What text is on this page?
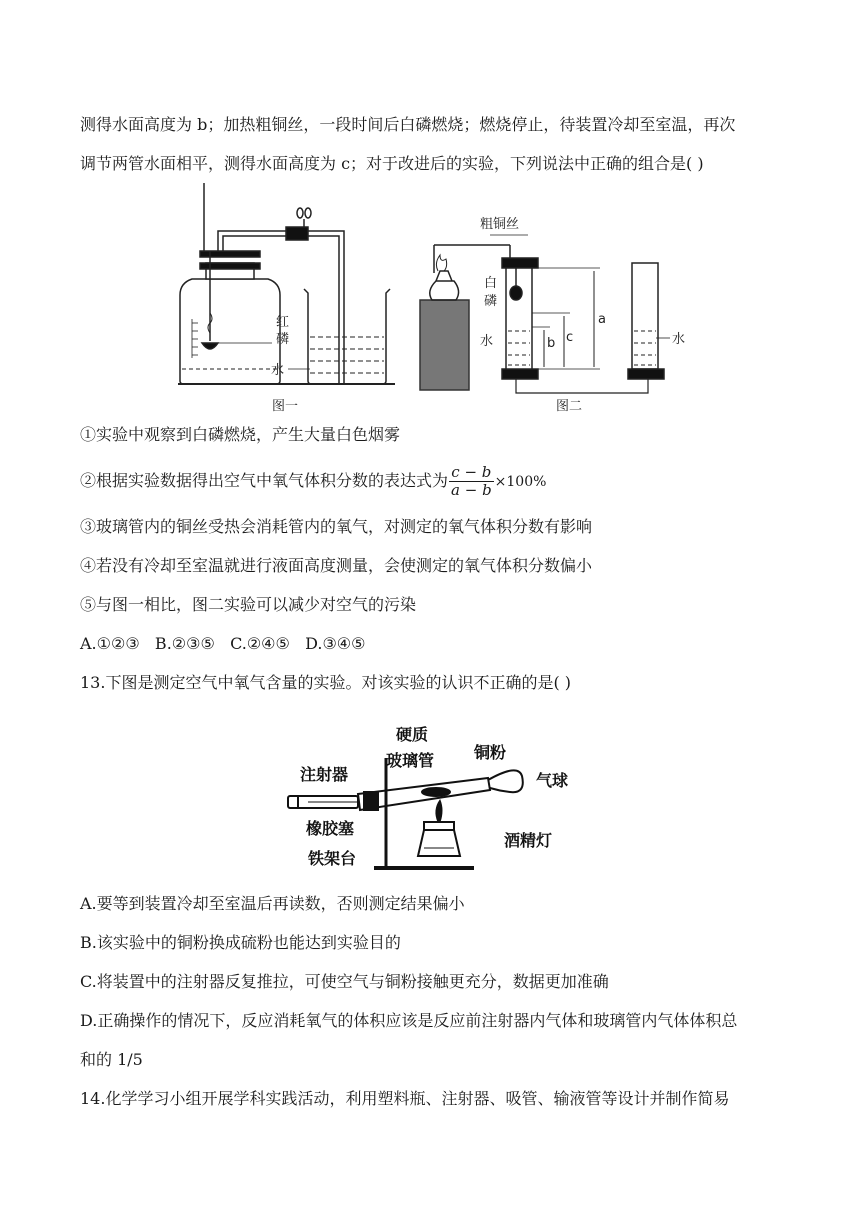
测得水面高度为 b；加热粗铜丝，一段时间后白磷燃烧；燃烧停止，待装置冷却至室温，再次
调节两管水面相平，测得水面高度为 c；对于改进后的实验，下列说法中正确的组合是( )
红
磷
水
图一
粗铜丝
白
磷
水
a
c
b	水
图二
①实验中观察到白磷燃烧，产生大量白色烟雾
②根据实验数据得出空气中氧气体积分数的表达式为 $\frac{c - b}{a - b} \times 100\%$
③玻璃管内的铜丝受热会消耗管内的氧气，对测定的氧气体积分数有影响
④若没有冷却至室温就进行液面高度测量，会使测定的氧气体积分数偏小
⑤与图一相比，图二实验可以减少对空气的污染
A.①②③   B.②③⑤   C.②④⑤   D.③④⑤
13.下图是测定空气中氧气含量的实验。对该实验的认识不正确的是( )
硬质
玻璃管 铜粉
注射器	气球
橡胶塞
酒精灯
铁架台
A.要等到装置冷却至室温后再读数，否则测定结果偏小
B.该实验中的铜粉换成硫粉也能达到实验目的
C.将装置中的注射器反复推拉，可使空气与铜粉接触更充分，数据更加准确
D.正确操作的情况下，反应消耗氧气的体积应该是反应前注射器内气体和玻璃管内气体体积总
和的 1/5
14.化学学习小组开展学科实践活动，利用塑料瓶、注射器、吸管、输液管等设计并制作简易
